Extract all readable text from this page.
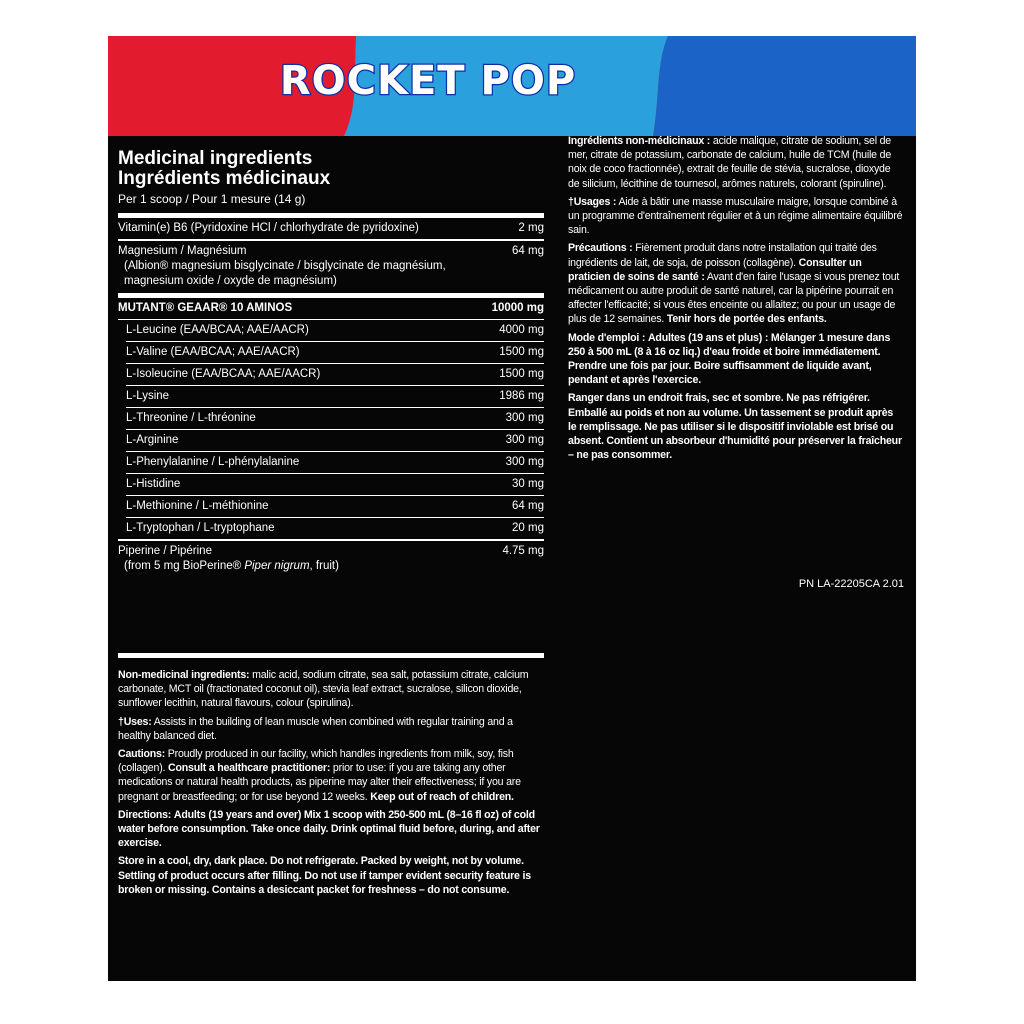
ROCKET POP
Medicinal ingredients
Ingrédients médicinaux
Per 1 scoop / Pour 1 mesure (14 g)
Vitamin(e) B6 (Pyridoxine HCl / chlorhydrate de pyridoxine)	2 mg
Magnesium / Magnésium	64 mg
(Albion® magnesium bisglycinate / bisglycinate de magnésium,
magnesium oxide / oxyde de magnésium)
MUTANT® GEAAR® 10 AMINOS	10000 mg
L-Leucine (EAA/BCAA; AAE/AACR)	4000 mg
L-Valine (EAA/BCAA; AAE/AACR)	1500 mg
L-Isoleucine (EAA/BCAA; AAE/AACR)	1500 mg
L-Lysine	1986 mg
L-Threonine / L-thréonine	300 mg
L-Arginine	300 mg
L-Phenylalanine / L-phénylalanine	300 mg
L-Histidine	30 mg
L-Methionine / L-méthionine	64 mg
L-Tryptophan / L-tryptophane	20 mg
Piperine / Pipérine	4.75 mg
(from 5 mg BioPerine® Piper nigrum, fruit)

Non-medicinal ingredients: malic acid, sodium citrate, sea salt, potassium citrate, calcium carbonate, MCT oil (fractionated coconut oil), stevia leaf extract, sucralose, silicon dioxide, sunflower lecithin, natural flavours, colour (spirulina).

†Uses: Assists in the building of lean muscle when combined with regular training and a healthy balanced diet.

Cautions: Proudly produced in our facility, which handles ingredients from milk, soy, fish (collagen). Consult a healthcare practitioner: prior to use: if you are taking any other medications or natural health products, as piperine may alter their effectiveness; if you are pregnant or breastfeeding; or for use beyond 12 weeks. Keep out of reach of children.

Directions: Adults (19 years and over) Mix 1 scoop with 250-500 mL (8–16 fl oz) of cold water before consumption. Take once daily. Drink optimal fluid before, during, and after exercise.

Store in a cool, dry, dark place. Do not refrigerate. Packed by weight, not by volume. Settling of product occurs after filling. Do not use if tamper evident security feature is broken or missing. Contains a desiccant packet for freshness – do not consume.

Ingrédients non-médicinaux : acide malique, citrate de sodium, sel de mer, citrate de potassium, carbonate de calcium, huile de TCM (huile de noix de coco fractionnée), extrait de feuille de stévia, sucralose, dioxyde de silicium, lécithine de tournesol, arômes naturels, colorant (spiruline).

†Usages : Aide à bâtir une masse musculaire maigre, lorsque combiné à un programme d'entraînement régulier et à un régime alimentaire équilibré sain.

Précautions : Fièrement produit dans notre installation qui traité des ingrédients de lait, de soja, de poisson (collagène). Consulter un praticien de soins de santé : Avant d'en faire l'usage si vous prenez tout médicament ou autre produit de santé naturel, car la pipérine pourrait en affecter l'efficacité; si vous êtes enceinte ou allaitez; ou pour un usage de plus de 12 semaines. Tenir hors de portée des enfants.

Mode d'emploi : Adultes (19 ans et plus) : Mélanger 1 mesure dans 250 à 500 mL (8 à 16 oz liq.) d'eau froide et boire immédiatement. Prendre une fois par jour. Boire suffisamment de liquide avant, pendant et après l'exercice.

Ranger dans un endroit frais, sec et sombre. Ne pas réfrigérer. Emballé au poids et non au volume. Un tassement se produit après le remplissage. Ne pas utiliser si le dispositif inviolable est brisé ou absent. Contient un absorbeur d'humidité pour préserver la fraîcheur – ne pas consommer.

PN LA-22205CA 2.01
